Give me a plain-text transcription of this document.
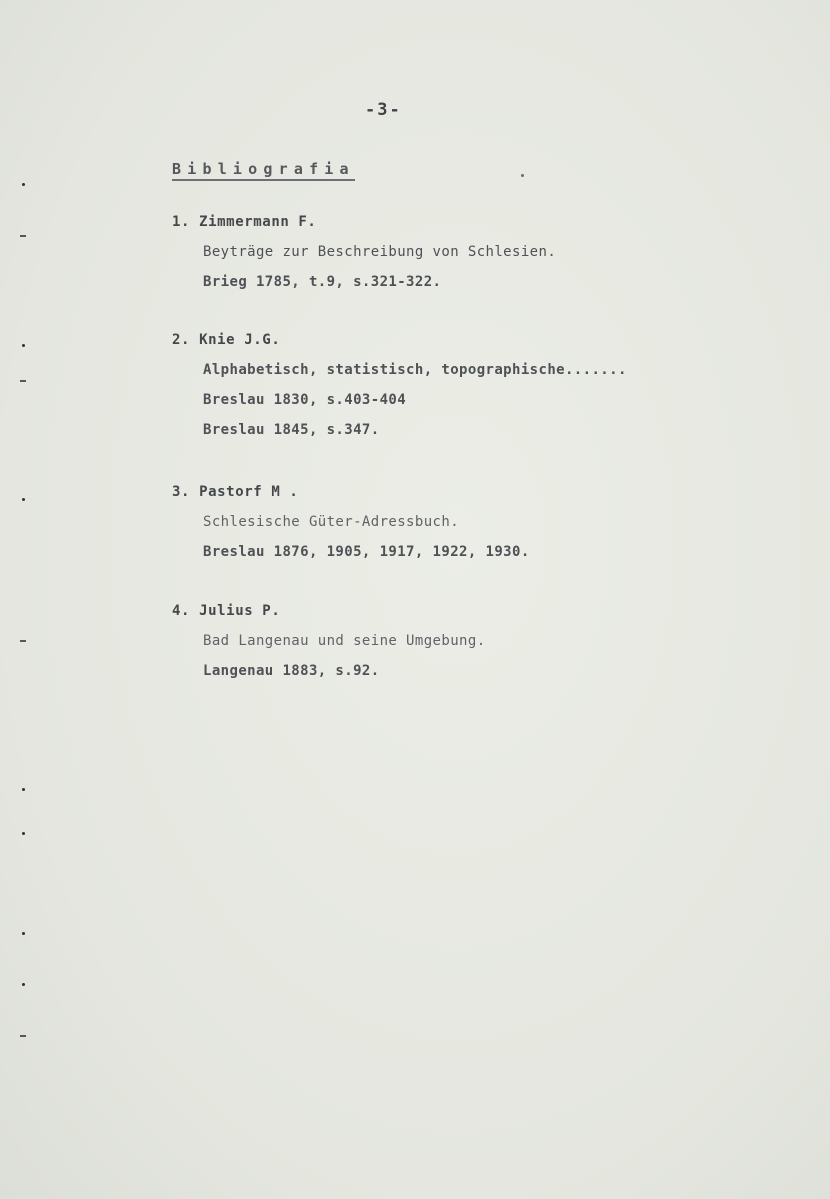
-3-
Bibliografia
1. Zimmermann F.
Beyträge zur Beschreibung von Schlesien.
Brieg 1785, t.9, s.321-322.
2. Knie J.G.
Alphabetisch, statistisch, topographische.......
Breslau 1830, s.403-404
Breslau 1845, s.347.
3. Pastorf M .
Schlesische Güter-Adressbuch.
Breslau 1876, 1905, 1917, 1922, 1930.
4. Julius P.
Bad Langenau und seine Umgebung.
Langenau 1883, s.92.
